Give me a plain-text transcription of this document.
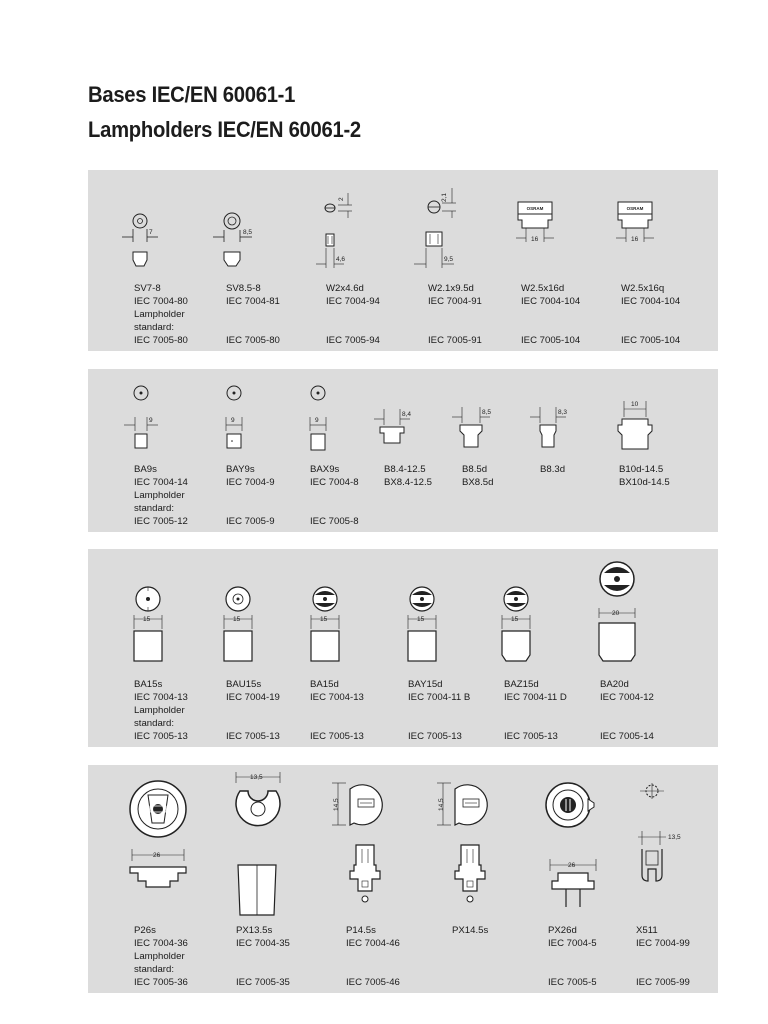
Bases IEC/EN 60061-1
Lampholders IEC/EN 60061-2
7
SV7-8
IEC 7004-80
Lampholder
standard:
IEC 7005-80
8,5
SV8.5-8
IEC 7004-81
IEC 7005-80
2
4,6
W2x4.6d
IEC 7004-94
IEC 7005-94
2,1
9,5
W2.1x9.5d
IEC 7004-91
IEC 7005-91
OSRAM
16
W2.5x16d
IEC 7004-104
IEC 7005-104
OSRAM
16
W2.5x16q
IEC 7004-104
IEC 7005-104
9
BA9s
IEC 7004-14
Lampholder
standard:
IEC 7005-12
9
BAY9s
IEC 7004-9
IEC 7005-9
9
BAX9s
IEC 7004-8
IEC 7005-8
8,4
B8.4-12.5
BX8.4-12.5
8,5
B8.5d
BX8.5d
8,3
B8.3d
10
B10d-14.5
BX10d-14.5
15
BA15s
IEC 7004-13
Lampholder
standard:
IEC 7005-13
15
BAU15s
IEC 7004-19
IEC 7005-13
15
BA15d
IEC 7004-13
IEC 7005-13
15
BAY15d
IEC 7004-11 B
IEC 7005-13
15
BAZ15d
IEC 7004-11 D
IEC 7005-13
20
BA20d
IEC 7004-12
IEC 7005-14
26
P26s
IEC 7004-36
Lampholder
standard:
IEC 7005-36
13,5
PX13.5s
IEC 7004-35
IEC 7005-35
14,5
P14.5s
IEC 7004-46
IEC 7005-46
14,5
PX14.5s
26
PX26d
IEC 7004-5
IEC 7005-5
13,5
X511
IEC 7004-99
IEC 7005-99
